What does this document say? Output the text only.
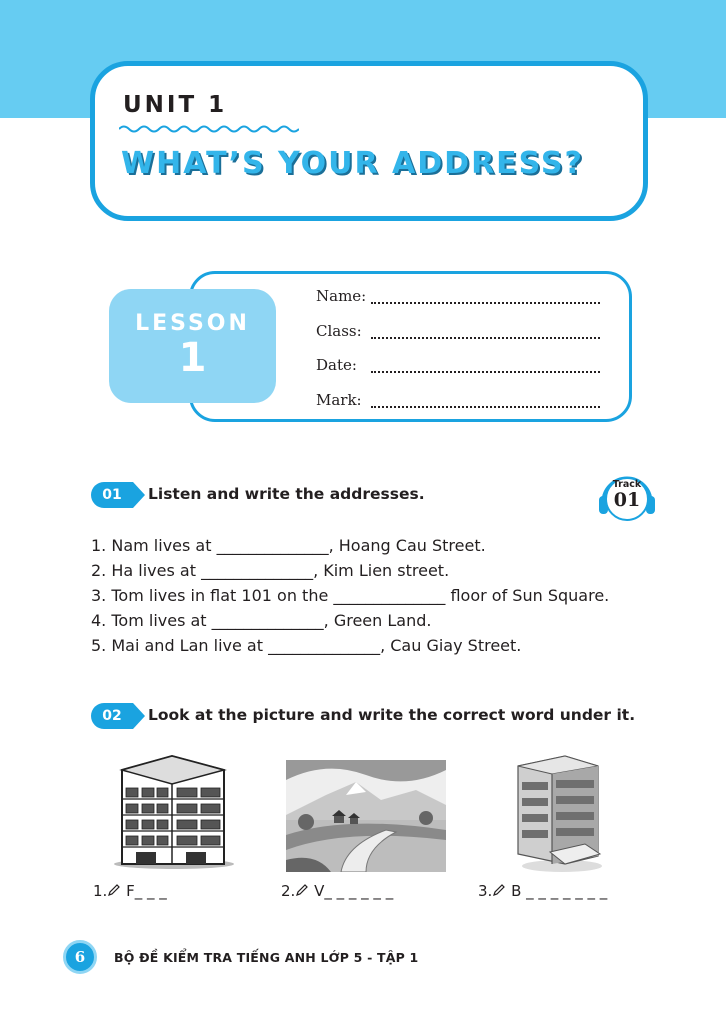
UNIT 1
WHAT’S YOUR ADDRESS?
LESSON
1
Name:
Class:
Date:
Mark:
01	Listen and write the addresses.
Track
01
1. Nam lives at ______________, Hoang Cau Street.
2. Ha lives at ______________, Kim Lien street.
3. Tom lives in flat 101 on the ______________ floor of Sun Square.
4. Tom lives at ______________, Green Land.
5. Mai and Lan live at ______________, Cau Giay Street.
02	Look at the picture and write the correct word under it.
1. F_ _ _	2. V_ _ _ _ _ _	3. B _ _ _ _ _ _ _
6	BỘ ĐỀ KIỂM TRA TIẾNG ANH LỚP 5 - TẬP 1
